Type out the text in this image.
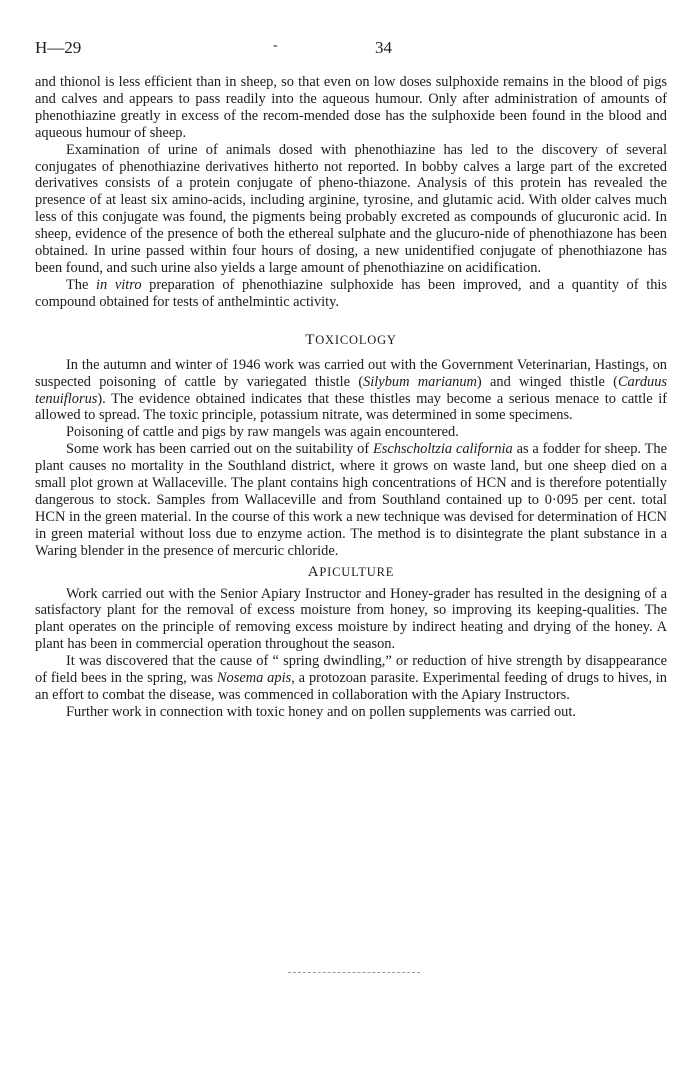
H—29	-	34

and thionol is less efficient than in sheep, so that even on low doses sulphoxide remains in the blood of pigs and calves and appears to pass readily into the aqueous humour. Only after administration of amounts of phenothiazine greatly in excess of the recom-mended dose has the sulphoxide been found in the blood and aqueous humour of sheep.

Examination of urine of animals dosed with phenothiazine has led to the discovery of several conjugates of phenothiazine derivatives hitherto not reported. In bobby calves a large part of the excreted derivatives consists of a protein conjugate of pheno-thiazone. Analysis of this protein has revealed the presence of at least six amino-acids, including arginine, tyrosine, and glutamic acid. With older calves much less of this conjugate was found, the pigments being probably excreted as compounds of glucuronic acid. In sheep, evidence of the presence of both the ethereal sulphate and the glucuro-nide of phenothiazone has been obtained. In urine passed within four hours of dosing, a new unidentified conjugate of phenothiazone has been found, and such urine also yields a large amount of phenothiazine on acidification.

The in vitro preparation of phenothiazine sulphoxide has been improved, and a quantity of this compound obtained for tests of anthelmintic activity.

TOXICOLOGY

In the autumn and winter of 1946 work was carried out with the Government Veterinarian, Hastings, on suspected poisoning of cattle by variegated thistle (Silybum marianum) and winged thistle (Carduus tenuiflorus). The evidence obtained indicates that these thistles may become a serious menace to cattle if allowed to spread. The toxic principle, potassium nitrate, was determined in some specimens.

Poisoning of cattle and pigs by raw mangels was again encountered.

Some work has been carried out on the suitability of Eschscholtzia california as a fodder for sheep. The plant causes no mortality in the Southland district, where it grows on waste land, but one sheep died on a small plot grown at Wallaceville. The plant contains high concentrations of HCN and is therefore potentially dangerous to stock. Samples from Wallaceville and from Southland contained up to 0·095 per cent. total HCN in the green material. In the course of this work a new technique was devised for determination of HCN in green material without loss due to enzyme action. The method is to disintegrate the plant substance in a Waring blender in the presence of mercuric chloride.

APICULTURE

Work carried out with the Senior Apiary Instructor and Honey-grader has resulted in the designing of a satisfactory plant for the removal of excess moisture from honey, so improving its keeping-qualities. The plant operates on the principle of removing excess moisture by indirect heating and drying of the honey. A plant has been in commercial operation throughout the season.

It was discovered that the cause of “ spring dwindling,” or reduction of hive strength by disappearance of field bees in the spring, was Nosema apis, a protozoan parasite. Experimental feeding of drugs to hives, in an effort to combat the disease, was commenced in collaboration with the Apiary Instructors.

Further work in connection with toxic honey and on pollen supplements was carried out.
